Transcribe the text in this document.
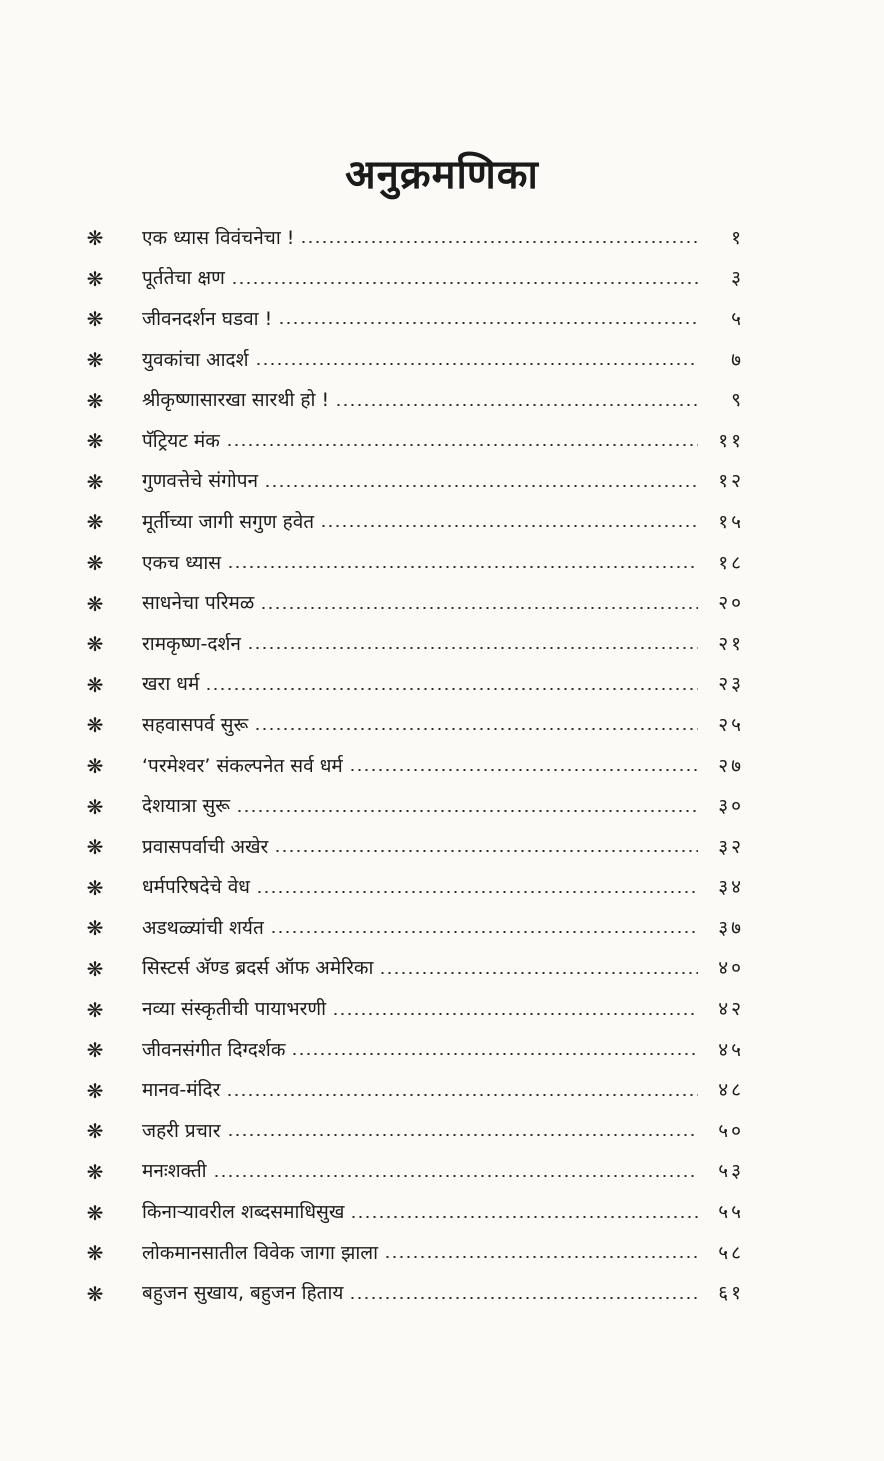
अनुक्रमणिका
❋ एक ध्यास विवंचनेचा !	१
❋ पूर्ततेचा क्षण	३
❋ जीवनदर्शन घडवा !	५
❋ युवकांचा आदर्श	७
❋ श्रीकृष्णासारखा सारथी हो !	९
❋ पॅट्रियट मंक	११
❋ गुणवत्तेचे संगोपन	१२
❋ मूर्तीच्या जागी सगुण हवेत	१५
❋ एकच ध्यास	१८
❋ साधनेचा परिमळ	२०
❋ रामकृष्ण-दर्शन	२१
❋ खरा धर्म	२३
❋ सहवासपर्व सुरू	२५
❋ ‘परमेश्वर’ संकल्पनेत सर्व धर्म	२७
❋ देशयात्रा सुरू	३०
❋ प्रवासपर्वाची अखेर	३२
❋ धर्मपरिषदेचे वेध	३४
❋ अडथळ्यांची शर्यत	३७
❋ सिस्टर्स अ‍ॅण्ड ब्रदर्स ऑफ अमेरिका	४०
❋ नव्या संस्कृतीची पायाभरणी	४२
❋ जीवनसंगीत दिग्दर्शक	४५
❋ मानव-मंदिर	४८
❋ जहरी प्रचार	५०
❋ मनःशक्ती	५३
❋ किनाऱ्यावरील शब्दसमाधिसुख	५५
❋ लोकमानसातील विवेक जागा झाला	५८
❋ बहुजन सुखाय, बहुजन हिताय	६१
